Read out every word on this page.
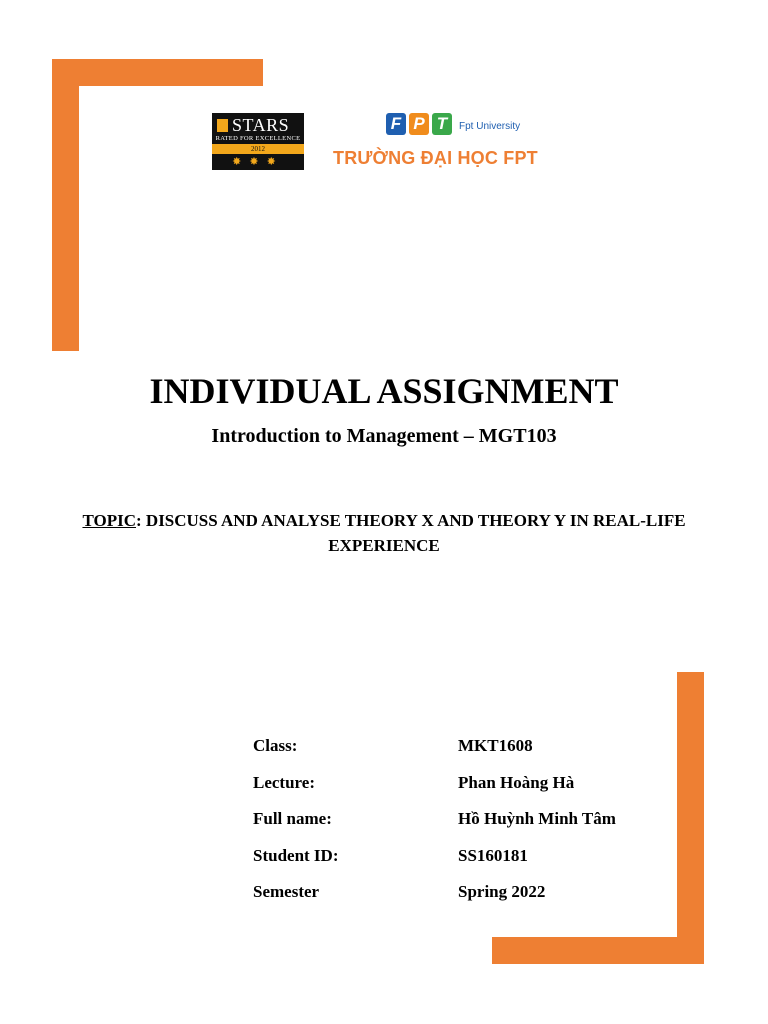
STARS
RATED FOR EXCELLENCE
2012
✸✸✸
F P T	Fpt University
TRƯỜNG ĐẠI HỌC FPT
INDIVIDUAL ASSIGNMENT
Introduction to Management – MGT103
TOPIC: DISCUSS AND ANALYSE THEORY X AND THEORY Y IN REAL-LIFE EXPERIENCE
Class:	MKT1608
Lecture:	Phan Hoàng Hà
Full name:	Hồ Huỳnh Minh Tâm
Student ID:	SS160181
Semester	Spring 2022
